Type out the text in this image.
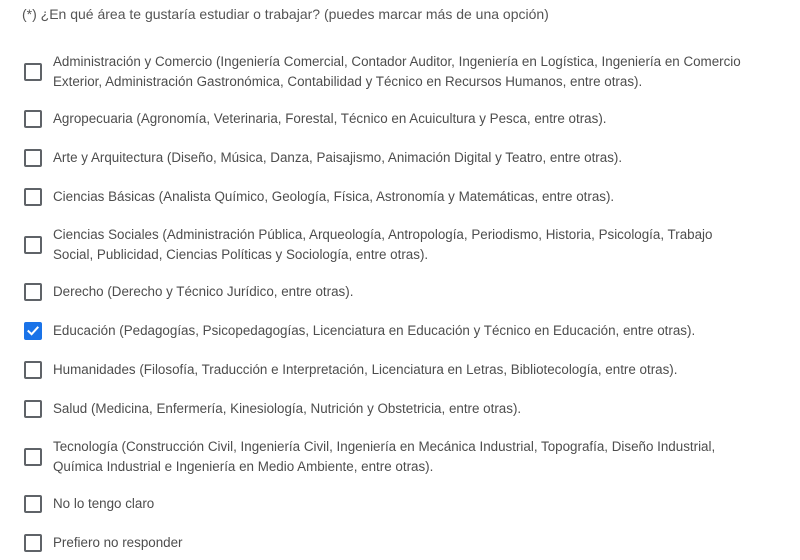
(*) ¿En qué área te gustaría estudiar o trabajar? (puedes marcar más de una opción)

Administración y Comercio (Ingeniería Comercial, Contador Auditor, Ingeniería en Logística, Ingeniería en Comercio Exterior, Administración Gastronómica, Contabilidad y Técnico en Recursos Humanos, entre otras).
Agropecuaria (Agronomía, Veterinaria, Forestal, Técnico en Acuicultura y Pesca, entre otras).
Arte y Arquitectura (Diseño, Música, Danza, Paisajismo, Animación Digital y Teatro, entre otras).
Ciencias Básicas (Analista Químico, Geología, Física, Astronomía y Matemáticas, entre otras).
Ciencias Sociales (Administración Pública, Arqueología, Antropología, Periodismo, Historia, Psicología, Trabajo Social, Publicidad, Ciencias Políticas y Sociología, entre otras).
Derecho (Derecho y Técnico Jurídico, entre otras).
Educación (Pedagogías, Psicopedagogías, Licenciatura en Educación y Técnico en Educación, entre otras).
Humanidades (Filosofía, Traducción e Interpretación, Licenciatura en Letras, Bibliotecología, entre otras).
Salud (Medicina, Enfermería, Kinesiología, Nutrición y Obstetricia, entre otras).
Tecnología (Construcción Civil, Ingeniería Civil, Ingeniería en Mecánica Industrial, Topografía, Diseño Industrial, Química Industrial e Ingeniería en Medio Ambiente, entre otras).
No lo tengo claro
Prefiero no responder
